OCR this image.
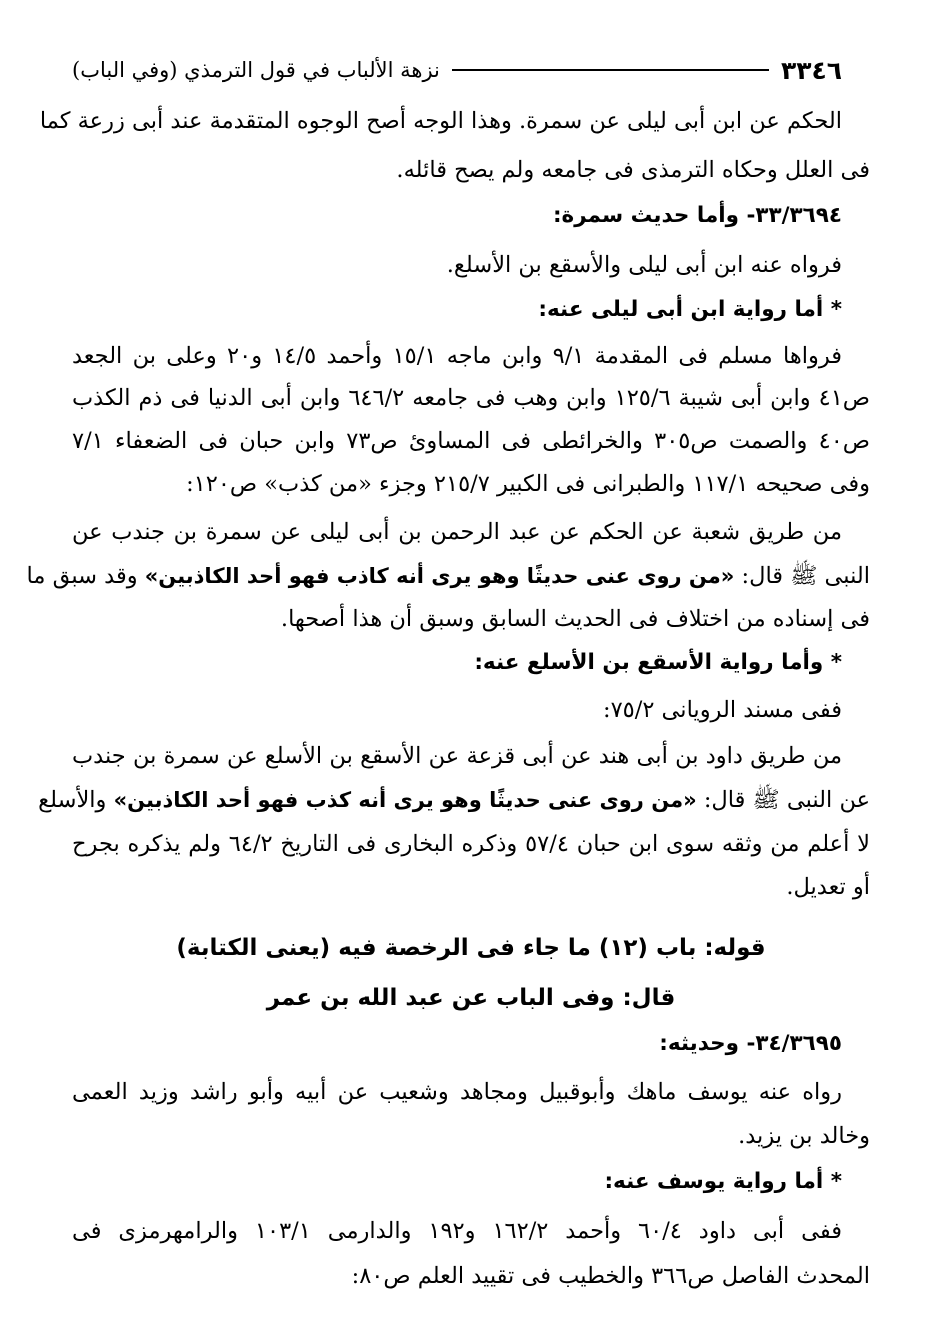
٣٣٤٦
نزهة الألباب في قول الترمذي (وفي الباب)
الحكم عن ابن أبى ليلى عن سمرة. وهذا الوجه أصح الوجوه المتقدمة عند أبى زرعة كما
فى العلل وحكاه الترمذى فى جامعه ولم يصح قائله.
٣٣/٣٦٩٤- وأما حديث سمرة:
فرواه عنه ابن أبى ليلى والأسقع بن الأسلع.
* أما رواية ابن أبى ليلى عنه:
فرواها مسلم فى المقدمة ٩/١ وابن ماجه ١٥/١ وأحمد ١٤/٥ و٢٠ وعلى بن الجعد
ص٤١ وابن أبى شيبة ١٢٥/٦ وابن وهب فى جامعه ٦٤٦/٢ وابن أبى الدنيا فى ذم الكذب
ص٤٠ والصمت ص٣٠٥ والخرائطى فى المساوئ ص٧٣ وابن حبان فى الضعفاء ٧/١
وفى صحيحه ١١٧/١ والطبرانى فى الكبير ٢١٥/٧ وجزء «من كذب» ص١٢٠:
من طريق شعبة عن الحكم عن عبد الرحمن بن أبى ليلى عن سمرة بن جندب عن
النبى ﷺ قال: «من روى عنى حديثًا وهو يرى أنه كاذب فهو أحد الكاذبين» وقد سبق ما
فى إسناده من اختلاف فى الحديث السابق وسبق أن هذا أصحها.
* وأما رواية الأسقع بن الأسلع عنه:
ففى مسند الرويانى ٧٥/٢:
من طريق داود بن أبى هند عن أبى قزعة عن الأسقع بن الأسلع عن سمرة بن جندب
عن النبى ﷺ قال: «من روى عنى حديثًا وهو يرى أنه كذب فهو أحد الكاذبين» والأسلع
لا أعلم من وثقه سوى ابن حبان ٥٧/٤ وذكره البخارى فى التاريخ ٦٤/٢ ولم يذكره بجرح
أو تعديل.
قوله: باب (١٢) ما جاء فى الرخصة فيه (يعنى الكتابة)
قال: وفى الباب عن عبد الله بن عمر
٣٤/٣٦٩٥- وحديثه:
رواه عنه يوسف ماهك وأبوقبيل ومجاهد وشعيب عن أبيه وأبو راشد وزيد العمى
وخالد بن يزيد.
* أما رواية يوسف عنه:
ففى أبى داود ٦٠/٤ وأحمد ١٦٢/٢ و١٩٢ والدارمى ١٠٣/١ والرامهرمزى فى
المحدث الفاصل ص٣٦٦ والخطيب فى تقييد العلم ص٨٠:
